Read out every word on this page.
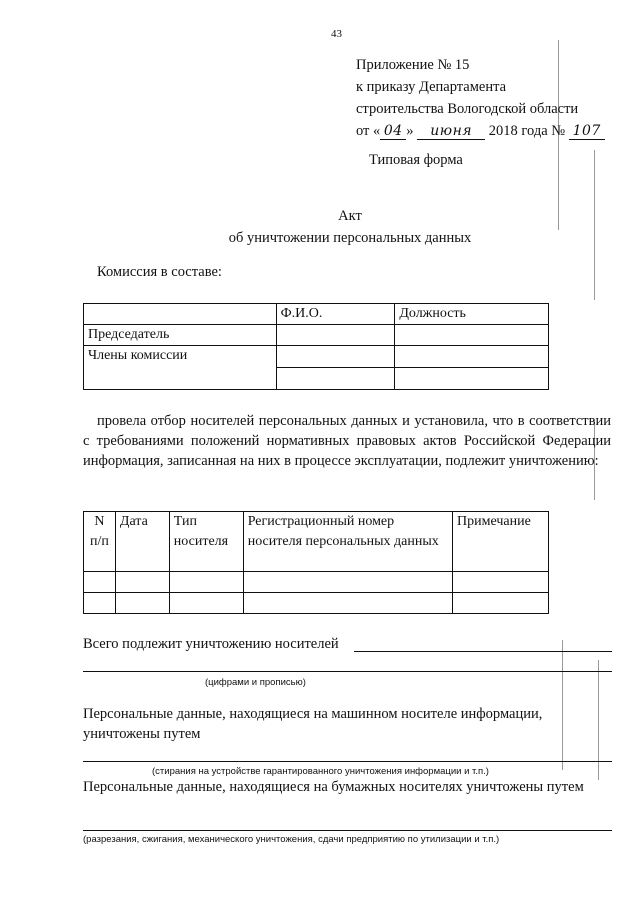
43
Приложение № 15
к приказу Департамента
строительства Вологодской области
от « 04 » июня 2018 года № 107
Типовая форма
Акт
об уничтожении персональных данных
Комиссия в составе:
	Ф.И.О.	Должность
Председатель		
Члены комиссии		

провела отбор носителей персональных данных и установила, что в соответствии с требованиями положений нормативных правовых актов Российской Федерации информация, записанная на них в процессе эксплуатации, подлежит уничтожению:
N п/п	Дата	Тип носителя	Регистрационный номер носителя персональных данных	Примечание

Всего подлежит уничтожению носителей
(цифрами и прописью)
Персональные данные, находящиеся на машинном носителе информации, уничтожены путем
(стирания на устройстве гарантированного уничтожения информации и т.п.)
Персональные данные, находящиеся на бумажных носителях уничтожены путем
(разрезания, сжигания, механического уничтожения, сдачи предприятию по утилизации и т.п.)
